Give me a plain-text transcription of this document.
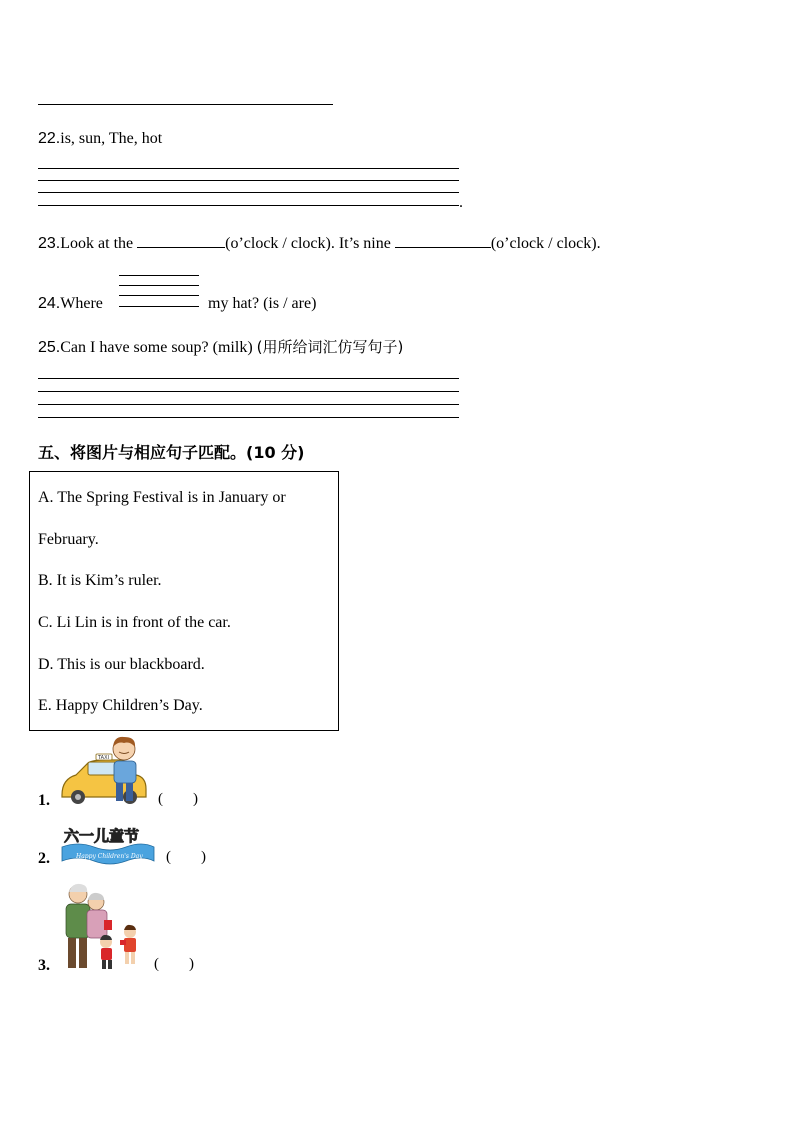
22.is, sun, The, hot
.
23.Look at the	(o’clock / clock). It’s nine	(o’clock / clock).
24.Where	my hat? (is / are)
25.Can I have some soup? (milk) (用所给词汇仿写句子)
五、将图片与相应句子匹配。(10 分)
A. The Spring Festival is in January or
February.
B. It is Kim’s ruler.
C. Li Lin is in front of the car.
D. This is our blackboard.
E. Happy Children’s Day.
1.
TAXI
(        )
2.	Happy Children's Day
六一儿童节
(        )
3.	(        )
